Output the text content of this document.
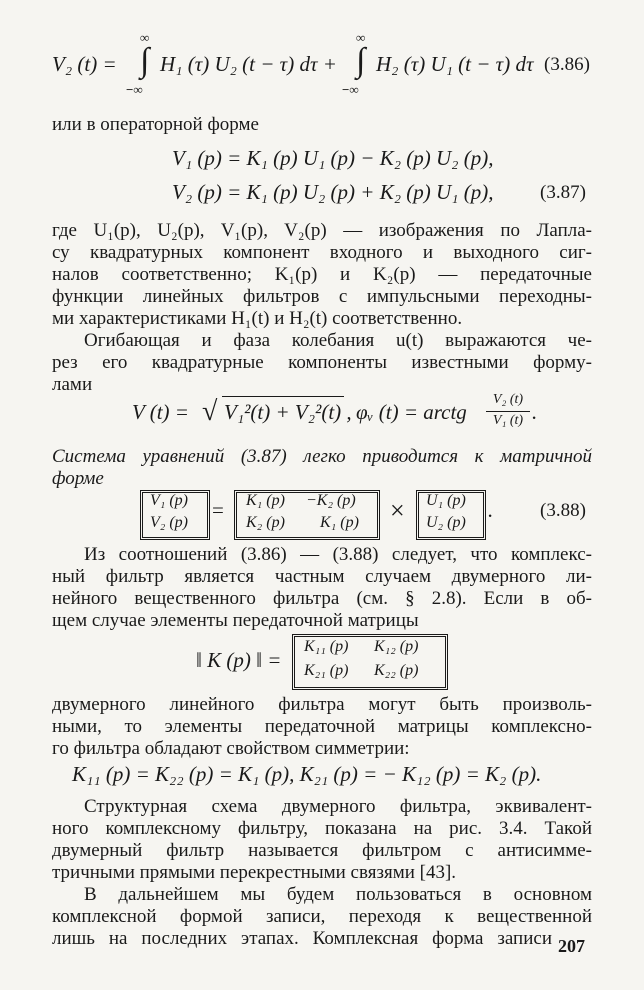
V₂ (t) =
∞
∫
−∞
H₁ (τ) U₂ (t − τ) dτ +
∞
∫
−∞
H₂ (τ) U₁ (t − τ) dτ (3.86)
или в операторной форме
V₁ (p) = K₁ (p) U₁ (p) − K₂ (p) U₂ (p),
V₂ (p) = K₁ (p) U₂ (p) + K₂ (p) U₁ (p), (3.87)
где U₁(p), U₂(p), V₁(p), V₂(p) — изображения по Лапла-
су квадратурных компонент входного и выходного сиг-
налов соответственно; K₁(p) и K₂(p) — передаточные
функции линейных фильтров с импульсными переходны-
ми характеристиками H₁(t) и H₂(t) соответственно.
Огибающая и фаза колебания u(t) выражаются че-
рез его квадратурные компоненты известными форму-
лами
V (t) = √ V₁²(t) + V₂²(t) , φᵥ (t) = arctg
V₂ (t)
V₁ (t) .
Система уравнений (3.87) легко приводится к матричной
форме
V₁ (p)
V₂ (p)
= K₁ (p) −K₂ (p)
K₂ (p) K₁ (p) × U₁ (p)
U₂ (p)
. (3.88)
Из соотношений (3.86) — (3.88) следует, что комплекс-
ный фильтр является частным случаем двумерного ли-
нейного вещественного фильтра (см. § 2.8). Если в об-
щем случае элементы передаточной матрицы
‖ K (p) ‖ =
K₁₁ (p) K₁₂ (p)
K₂₁ (p) K₂₂ (p)
двумерного линейного фильтра могут быть произволь-
ными, то элементы передаточной матрицы комплексно-
го фильтра обладают свойством симметрии:
K₁₁ (p) = K₂₂ (p) = K₁ (p), K₂₁ (p) = − K₁₂ (p) = K₂ (p).
Структурная схема двумерного фильтра, эквивалент-
ного комплексному фильтру, показана на рис. 3.4. Такой
двумерный фильтр называется фильтром с антисимме-
тричными прямыми перекрестными связями [43].
В дальнейшем мы будем пользоваться в основном
комплексной формой записи, переходя к вещественной
лишь на последних этапах. Комплексная форма записи 207
